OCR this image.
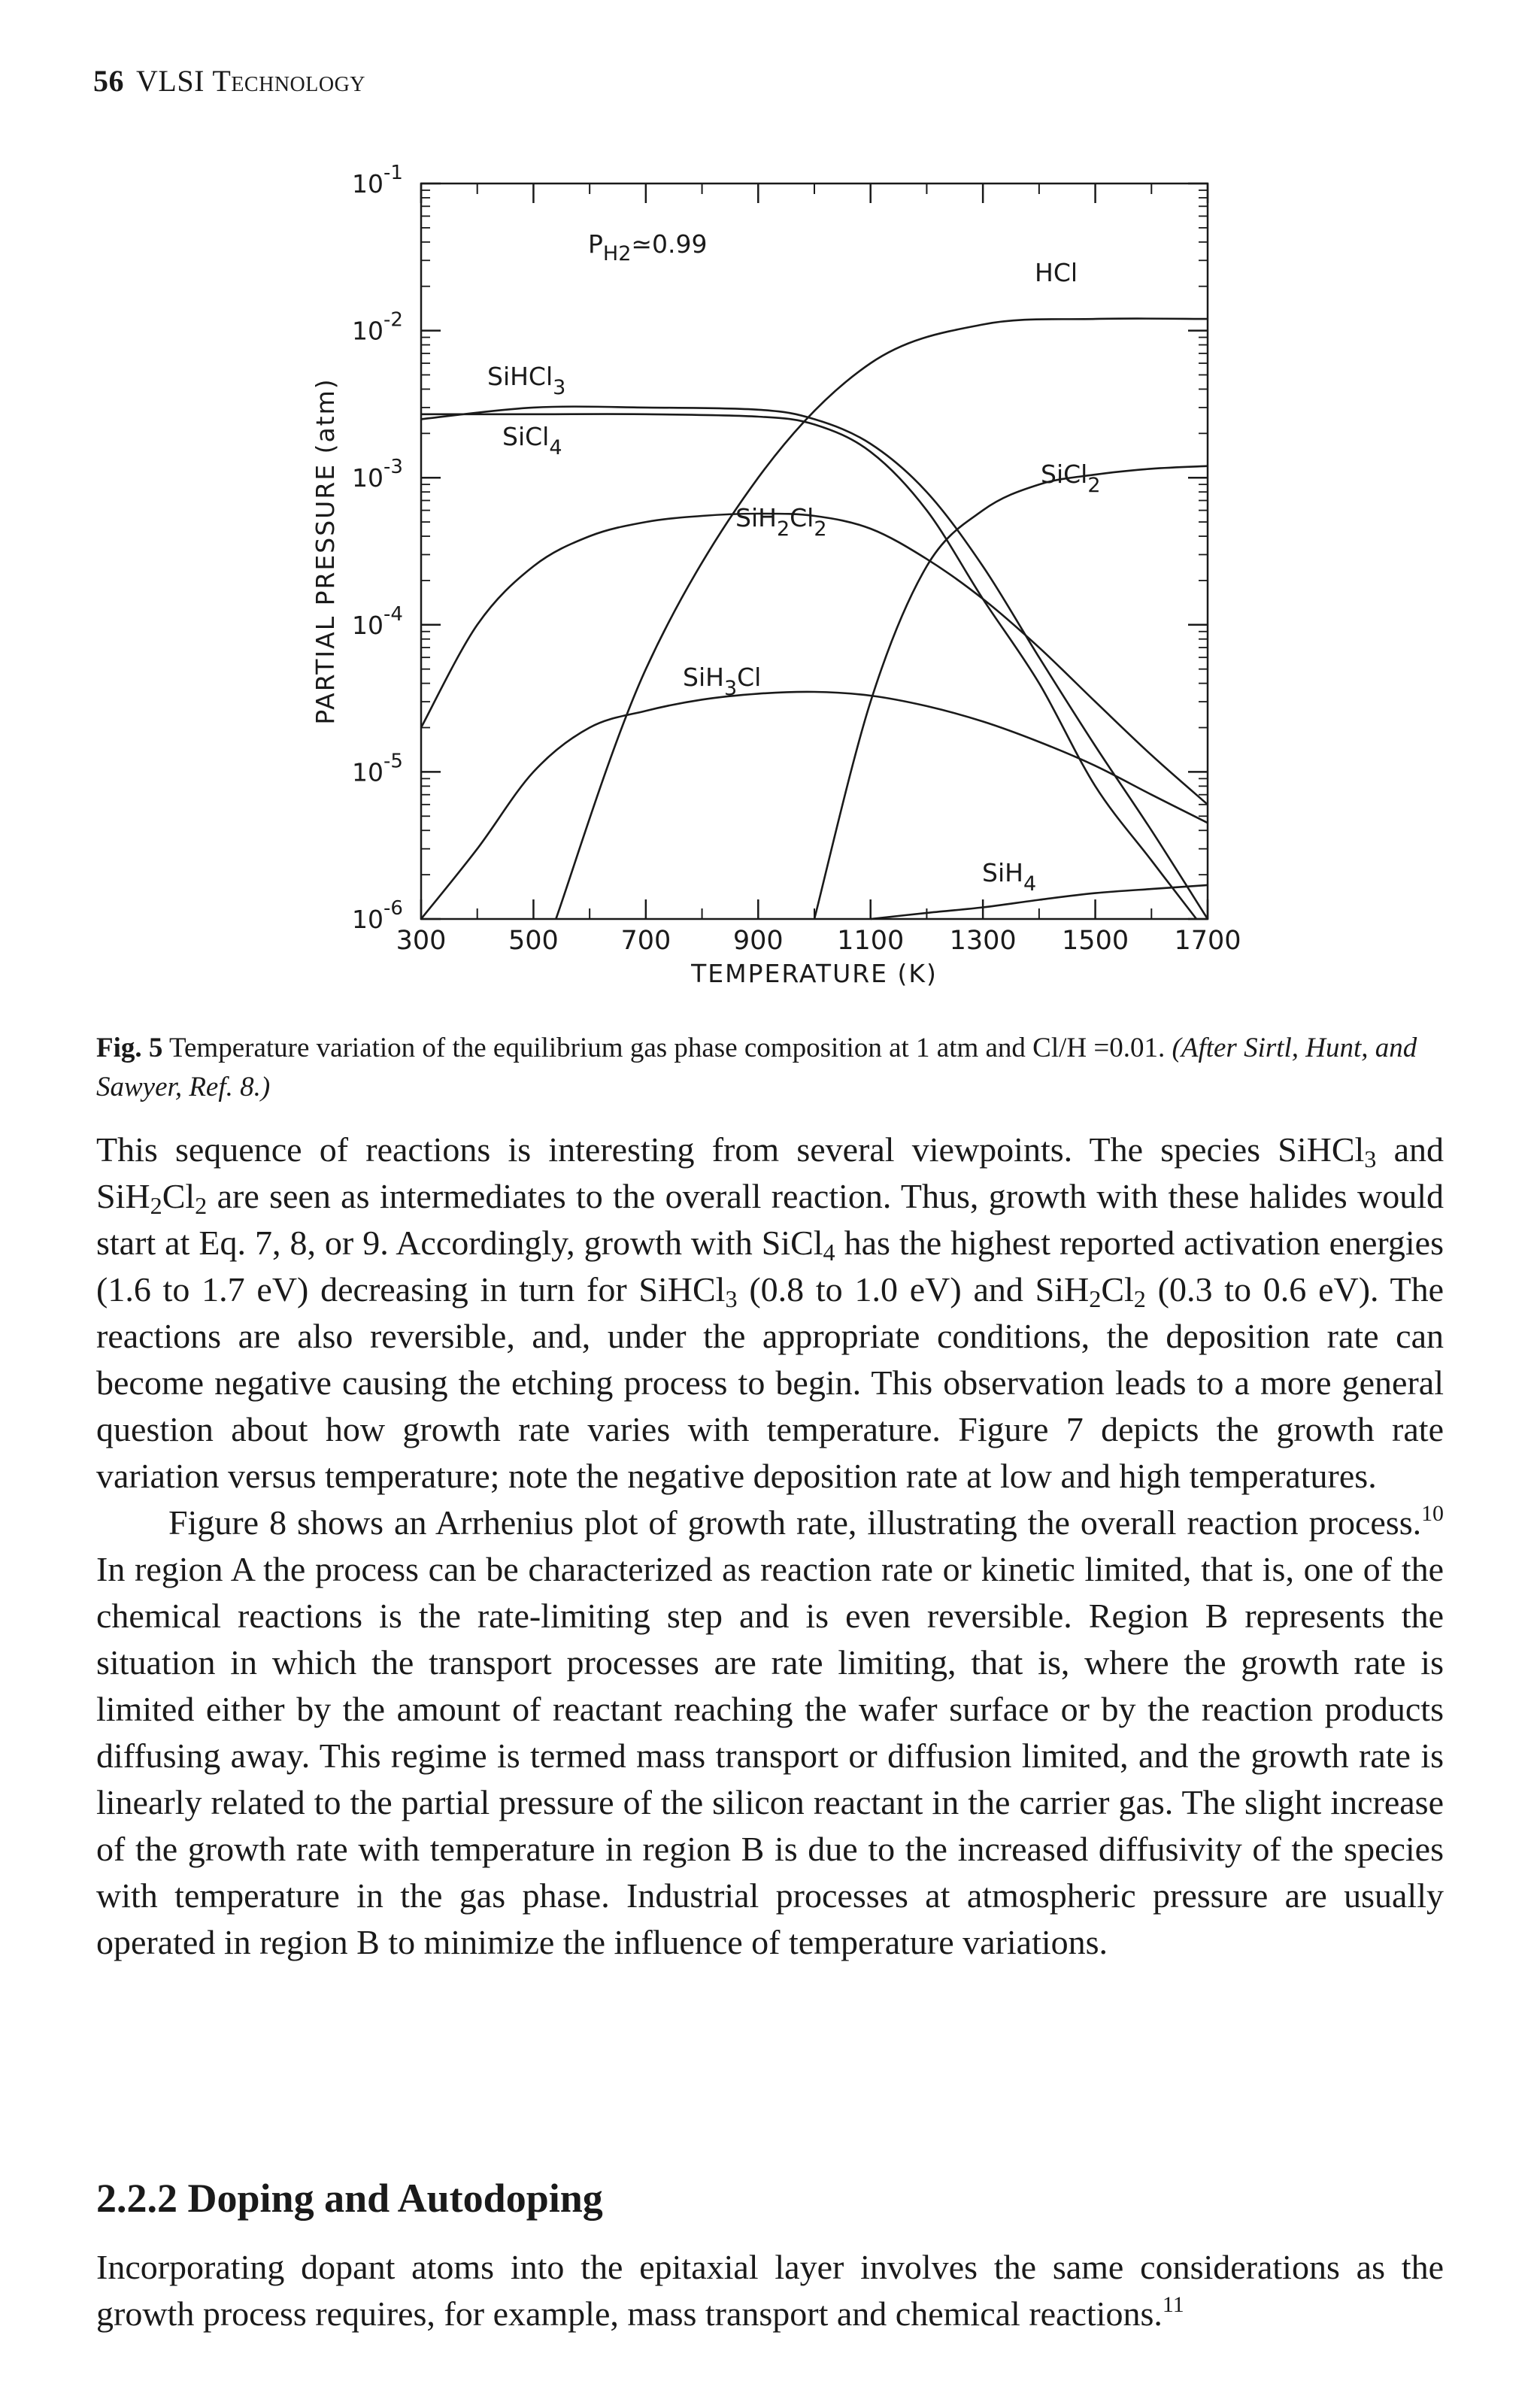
56 VLSI Technology
300 500 700 900 1100 1300 1500 1700
$10^{-1}$
$10^{-2}$
$10^{-3}$
$10^{-4}$
$10^{-5}$
$10^{-6}$
TEMPERATURE (K)
PARTIAL PRESSURE (atm)
HCl
SiHCl$_3$
SiCl$_4$
SiCl$_2$
$SiH_2Cl_2$
SiH$_3$Cl
SiH$_4$
$P_{H2}≃0.99$
Fig. 5 Temperature variation of the equilibrium gas phase composition at 1 atm and Cl/H =0.01. (After Sirtl, Hunt, and Sawyer, Ref. 8.)

This sequence of reactions is interesting from several viewpoints. The species SiHCl$_3$ and $SiH_2Cl_2$ are seen as intermediates to the overall reaction. Thus, growth with these halides would start at Eq. 7, 8, or 9. Accordingly, growth with SiCl$_4$ has the highest reported activation energies (1.6 to 1.7 eV) decreasing in turn for SiHCl$_3$ (0.8 to 1.0 eV) and $SiH_2Cl_2$ (0.3 to 0.6 eV). The reactions are also reversible, and, under the appropriate conditions, the deposition rate can become negative causing the etching process to begin. This observation leads to a more general question about how growth rate varies with temperature. Figure 7 depicts the growth rate variation versus temperature; note the negative deposition rate at low and high temperatures.

Figure 8 shows an Arrhenius plot of growth rate, illustrating the overall reaction process.$^{10}$ In region A the process can be characterized as reaction rate or kinetic limited, that is, one of the chemical reactions is the rate-limiting step and is even reversible. Region B represents the situation in which the transport processes are rate limiting, that is, where the growth rate is limited either by the amount of reactant reaching the wafer surface or by the reaction products diffusing away. This regime is termed mass transport or diffusion limited, and the growth rate is linearly related to the partial pressure of the silicon reactant in the carrier gas. The slight increase of the growth rate with temperature in region B is due to the increased diffusivity of the species with temperature in the gas phase. Industrial processes at atmospheric pressure are usually operated in region B to minimize the influence of temperature variations.

2.2.2 Doping and Autodoping

Incorporating dopant atoms into the epitaxial layer involves the same considerations as the growth process requires, for example, mass transport and chemical reactions.$^{11}$
